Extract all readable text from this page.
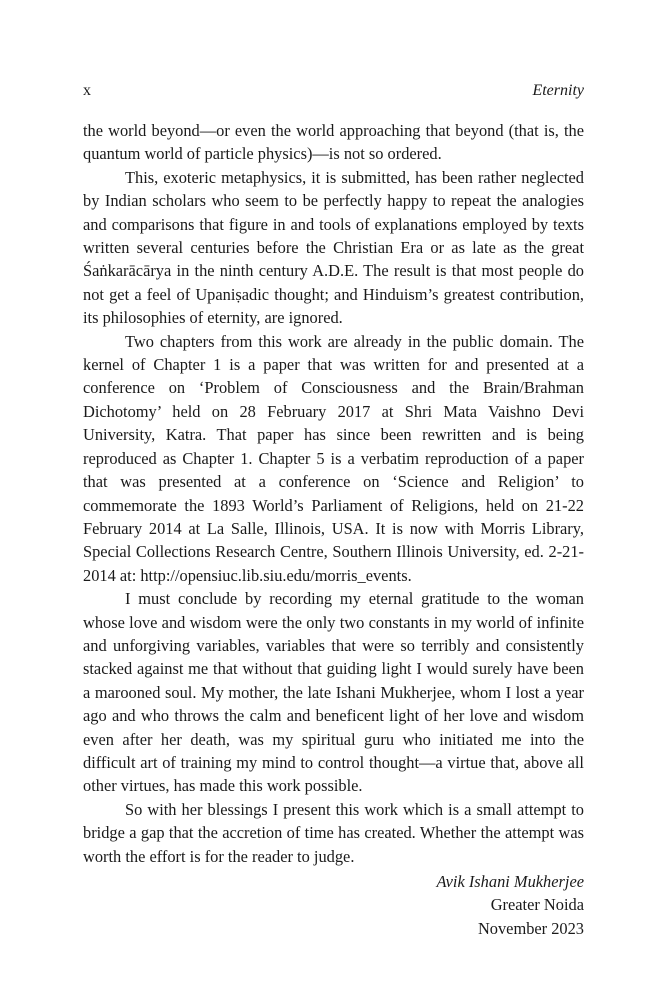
x	Eternity

the world beyond—or even the world approaching that beyond (that is, the quantum world of particle physics)—is not so ordered.

This, exoteric metaphysics, it is submitted, has been rather neglected by Indian scholars who seem to be perfectly happy to repeat the analogies and comparisons that figure in and tools of explanations employed by texts written several centuries before the Christian Era or as late as the great Śaṅkarācārya in the ninth century A.D.E. The result is that most people do not get a feel of Upaniṣadic thought; and Hinduism’s greatest contribution, its philosophies of eternity, are ignored.

Two chapters from this work are already in the public domain. The kernel of Chapter 1 is a paper that was written for and presented at a conference on ‘Problem of Consciousness and the Brain/Brahman Dichotomy’ held on 28 February 2017 at Shri Mata Vaishno Devi University, Katra. That paper has since been rewritten and is being reproduced as Chapter 1. Chapter 5 is a verbatim reproduction of a paper that was presented at a conference on ‘Science and Religion’ to commemorate the 1893 World’s Parliament of Religions, held on 21-22 February 2014 at La Salle, Illinois, USA. It is now with Morris Library, Special Collections Research Centre, Southern Illinois University, ed. 2-21-2014 at: http://opensiuc.lib.siu.edu/morris_events.

I must conclude by recording my eternal gratitude to the woman whose love and wisdom were the only two constants in my world of infinite and unforgiving variables, variables that were so terribly and consistently stacked against me that without that guiding light I would surely have been a marooned soul. My mother, the late Ishani Mukherjee, whom I lost a year ago and who throws the calm and beneficent light of her love and wisdom even after her death, was my spiritual guru who initiated me into the difficult art of training my mind to control thought—a virtue that, above all other virtues, has made this work possible.

So with her blessings I present this work which is a small attempt to bridge a gap that the accretion of time has created. Whether the attempt was worth the effort is for the reader to judge.

Avik Ishani Mukherjee
Greater Noida
November 2023
